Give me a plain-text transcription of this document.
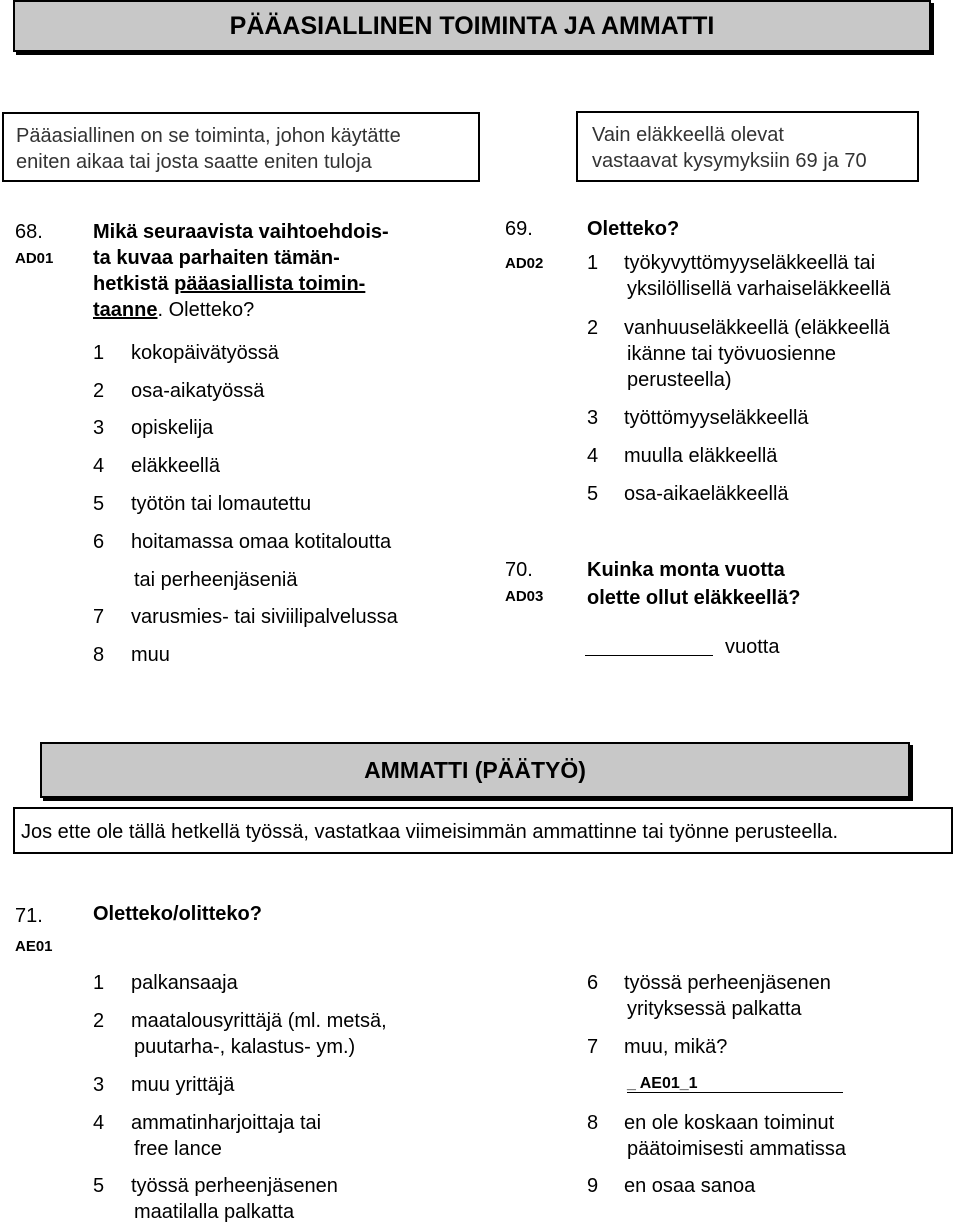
PÄÄASIALLINEN TOIMINTA JA AMMATTI
Pääasiallinen on se toiminta, johon käytätte
eniten aikaa tai josta saatte eniten tuloja
Vain eläkkeellä olevat
vastaavat kysymyksiin 69 ja 70
68.
AD01
Mikä seuraavista vaihtoehdois-
ta kuvaa parhaiten tämän-
hetkistä pääasiallista toimin-
taanne. Oletteko?
1 kokopäivätyössä
2 osa-aikatyössä
3 opiskelija
4 eläkkeellä
5 työtön tai lomautettu
6 hoitamassa omaa kotitaloutta
tai perheenjäseniä
7 varusmies- tai siviilipalvelussa
8 muu
69.
AD02
Oletteko?
1 työkyvyttömyyseläkkeellä tai
yksilöllisellä varhaiseläkkeellä
2 vanhuuseläkkeellä (eläkkeellä
ikänne tai työvuosienne
perusteella)
3 työttömyyseläkkeellä
4 muulla eläkkeellä
5 osa-aikaeläkkeellä
70.
AD03
Kuinka monta vuotta
olette ollut eläkkeellä?
vuotta
AMMATTI (PÄÄTYÖ)
Jos ette ole tällä hetkellä työssä, vastatkaa viimeisimmän ammattinne tai työnne perusteella.
71.
AE01
Oletteko/olitteko?
1 palkansaaja
2 maatalousyrittäjä (ml. metsä,
puutarha-, kalastus- ym.)
3 muu yrittäjä
4 ammatinharjoittaja tai
free lance
5 työssä perheenjäsenen
maatilalla palkatta
6 työssä perheenjäsenen
yrityksessä palkatta
7 muu, mikä?
_ AE01_1
8 en ole koskaan toiminut
päätoimisesti ammatissa
9 en osaa sanoa
